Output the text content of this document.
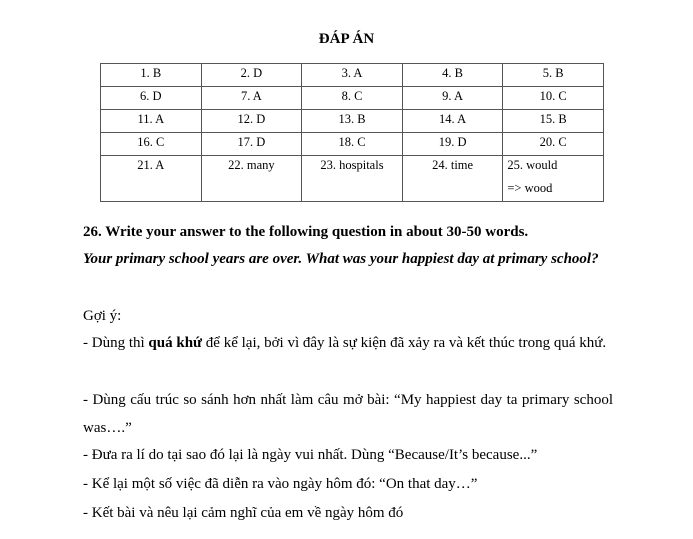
ĐÁP ÁN
1. B	2. D	3. A	4. B	5. B

6. D	7. A	8. C	9. A	10. C

11. A	12. D	13. B	14. A	15. B

16. C	17. D	18. C	19. D	20. C

21. A	22. many	23. hospitals	24. time	25. would
=> wood
26. Write your answer to the following question in about 30-50 words.
Your primary school years are over. What was your happiest day at primary school?
Gợi ý:
- Dùng thì quá khứ để kể lại, bởi vì đây là sự kiện đã xảy ra và kết thúc trong quá khứ.
- Dùng cấu trúc so sánh hơn nhất làm câu mở bài: “My happiest day ta primary school was….”
- Đưa ra lí do tại sao đó lại là ngày vui nhất. Dùng “Because/It’s because...”
- Kể lại một số việc đã diễn ra vào ngày hôm đó: “On that day…”
- Kết bài và nêu lại cảm nghĩ của em về ngày hôm đó
